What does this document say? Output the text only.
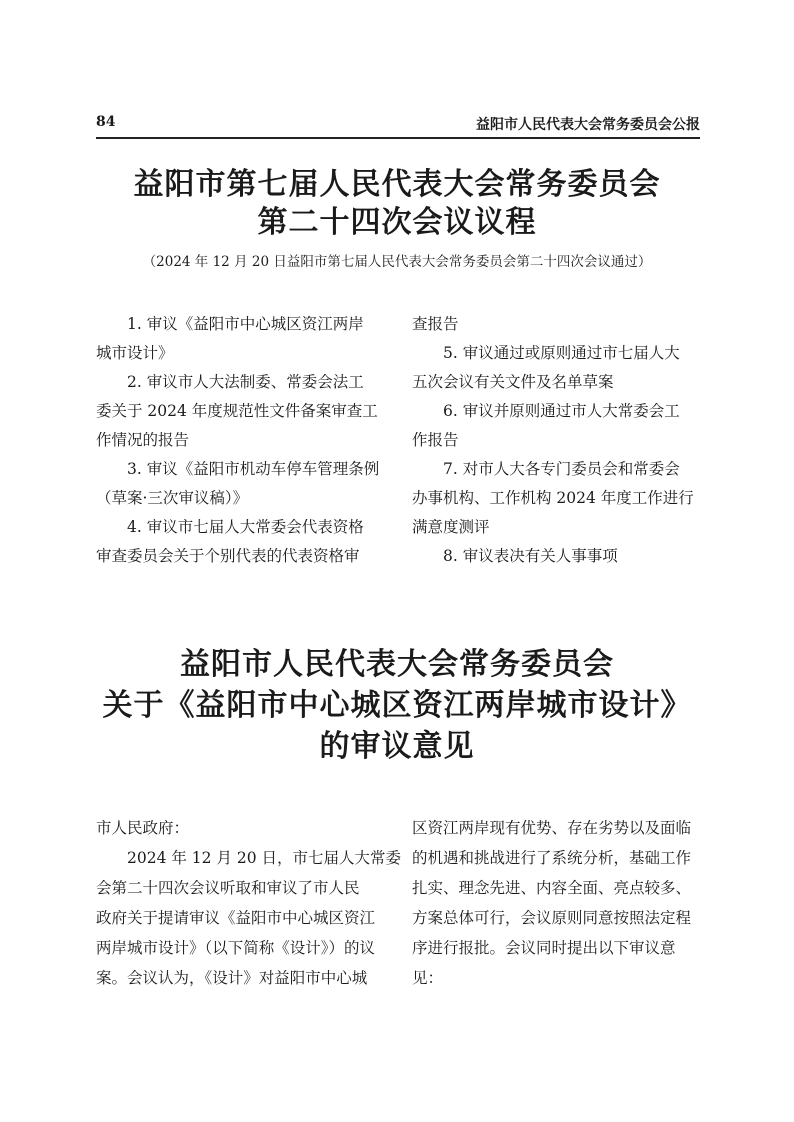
84	益阳市人民代表大会常务委员会公报
益阳市第七届人民代表大会常务委员会
第二十四次会议议程
（2024 年 12 月 20 日益阳市第七届人民代表大会常务委员会第二十四次会议通过）
1. 审议《益阳市中心城区资江两岸
城市设计》
2. 审议市人大法制委、常委会法工
委关于 2024 年度规范性文件备案审查工
作情况的报告
3. 审议《益阳市机动车停车管理条例
（草案·三次审议稿）》
4. 审议市七届人大常委会代表资格
审查委员会关于个别代表的代表资格审
查报告
5. 审议通过或原则通过市七届人大
五次会议有关文件及名单草案
6. 审议并原则通过市人大常委会工
作报告
7. 对市人大各专门委员会和常委会
办事机构、工作机构 2024 年度工作进行
满意度测评
8. 审议表决有关人事事项
益阳市人民代表大会常务委员会
关于《益阳市中心城区资江两岸城市设计》
的审议意见
市人民政府：
2024 年 12 月 20 日，市七届人大常委
会第二十四次会议听取和审议了市人民
政府关于提请审议《益阳市中心城区资江
两岸城市设计》（以下简称《设计》）的议
案。会议认为，《设计》对益阳市中心城
区资江两岸现有优势、存在劣势以及面临
的机遇和挑战进行了系统分析，基础工作
扎实、理念先进、内容全面、亮点较多、
方案总体可行，会议原则同意按照法定程
序进行报批。会议同时提出以下审议意
见：
